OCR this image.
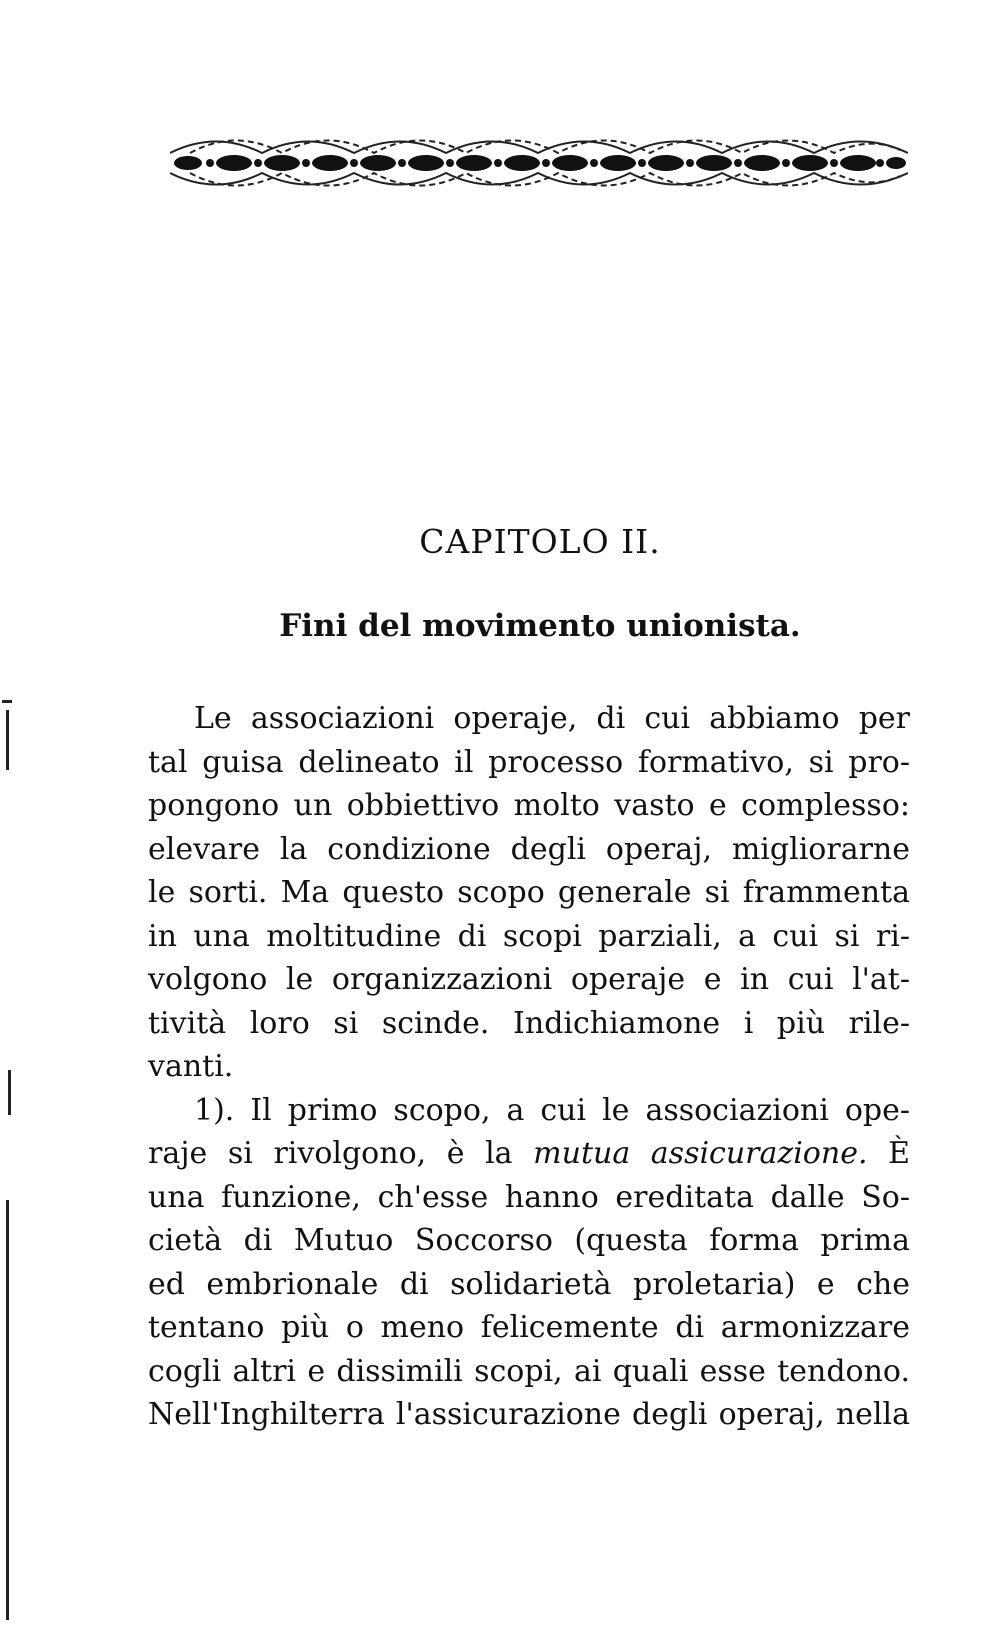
CAPITOLO II.
Fini del movimento unionista.
Le associazioni operaje, di cui abbiamo per
tal guisa delineato il processo formativo, si pro-
pongono un obbiettivo molto vasto e complesso:
elevare la condizione degli operaj, migliorarne
le sorti. Ma questo scopo generale si frammenta
in una moltitudine di scopi parziali, a cui si ri-
volgono le organizzazioni operaje e in cui l'at-
tività loro si scinde. Indichiamone i più rile-
vanti.
1). Il primo scopo, a cui le associazioni ope-
raje si rivolgono, è la mutua assicurazione. È
una funzione, ch'esse hanno ereditata dalle So-
cietà di Mutuo Soccorso (questa forma prima
ed embrionale di solidarietà proletaria) e che
tentano più o meno felicemente di armonizzare
cogli altri e dissimili scopi, ai quali esse tendono.
Nell'Inghilterra l'assicurazione degli operaj, nella
